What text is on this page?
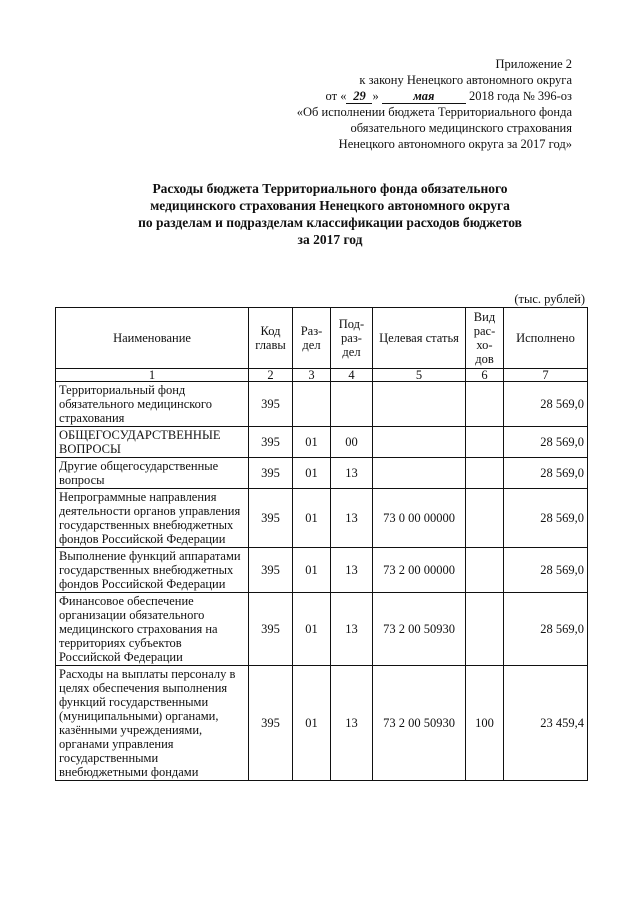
Приложение 2
к закону Ненецкого автономного округа
от « 29 »	мая	2018 года № 396-оз
«Об исполнении бюджета Территориального фонда
обязательного медицинского страхования
Ненецкого автономного округа за 2017 год»
Расходы бюджета Территориального фонда обязательного
медицинского страхования Ненецкого автономного округа
по разделам и подразделам классификации расходов бюджетов
за 2017 год
(тыс. рублей)
Наименование	Код главы	Раз-дел	Под-раз-дел	Целевая статья	Вид рас-хо-дов	Исполнено
1	2	3	4	5	6	7
Территориальный фонд обязательного медицинского страхования	395					28 569,0
ОБЩЕГОСУДАРСТВЕННЫЕ ВОПРОСЫ	395	01	00			28 569,0
Другие общегосударственные вопросы	395	01	13			28 569,0
Непрограммные направления деятельности органов управления государственных внебюджетных фондов Российской Федерации	395	01	13	73 0 00 00000		28 569,0
Выполнение функций аппаратами государственных внебюджетных фондов Российской Федерации	395	01	13	73 2 00 00000		28 569,0
Финансовое обеспечение организации обязательного медицинского страхования на территориях субъектов Российской Федерации	395	01	13	73 2 00 50930		28 569,0
Расходы на выплаты персоналу в целях обеспечения выполнения функций государственными (муниципальными) органами, казёнными учреждениями, органами управления государственными внебюджетными фондами	395	01	13	73 2 00 50930	100	23 459,4
